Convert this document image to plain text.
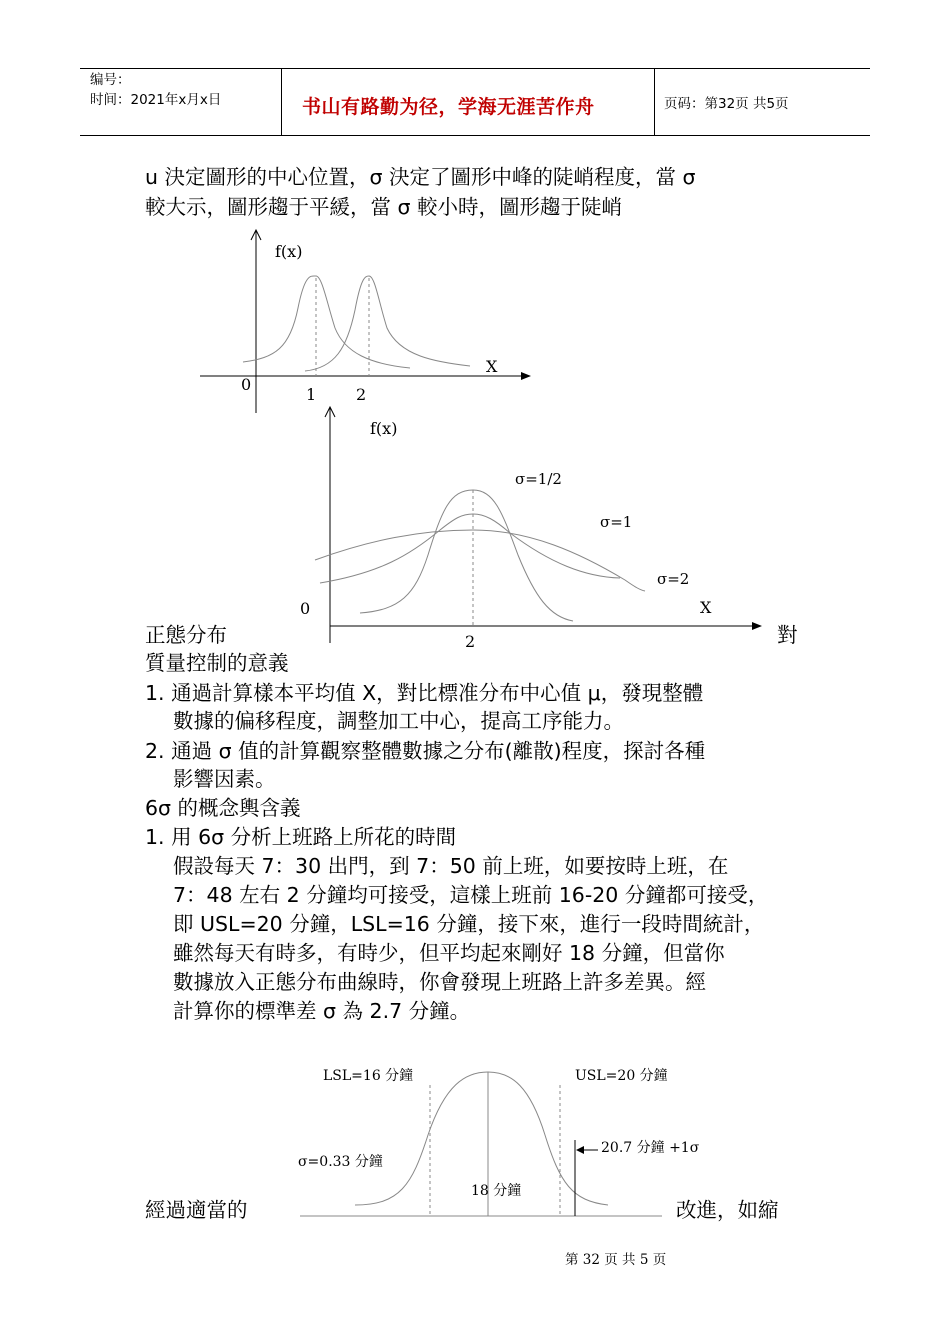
编号：
时间：2021年x月x日	书山有路勤为径，学海无涯苦作舟	页码：第32页 共5页
u 決定圖形的中心位置，σ 決定了圖形中峰的陡峭程度，當 σ
較大示，圖形趨于平緩，當 σ 較小時，圖形趨于陡峭
f(x)
X
0
1 2
f(x)
σ=1/2
σ=1
σ=2
X
0
2
正態分布	對
質量控制的意義
1. 通過計算樣本平均值 X，對比標准分布中心值 μ，發現整體
數據的偏移程度，調整加工中心，提高工序能力。
2. 通過 σ 值的計算觀察整體數據之分布(離散)程度，探討各種
影響因素。
6σ 的概念輿含義
1. 用 6σ 分析上班路上所花的時間
假設每天 7：30 出門，到 7：50 前上班，如要按時上班，在
7：48 左右 2 分鐘均可接受，這樣上班前 16-20 分鐘都可接受，
即 USL=20 分鐘，LSL=16 分鐘，接下來，進行一段時間統計，
雖然每天有時多，有時少，但平均起來剛好 18 分鐘，但當你
數據放入正態分布曲線時，你會發現上班路上許多差異。經
計算你的標準差 σ 為 2.7 分鐘。
LSL=16 分鐘	USL=20 分鐘
σ=0.33 分鐘
18 分鐘
20.7 分鐘 +1σ
經過適當的	改進，如縮
第 32 页 共 5 页
